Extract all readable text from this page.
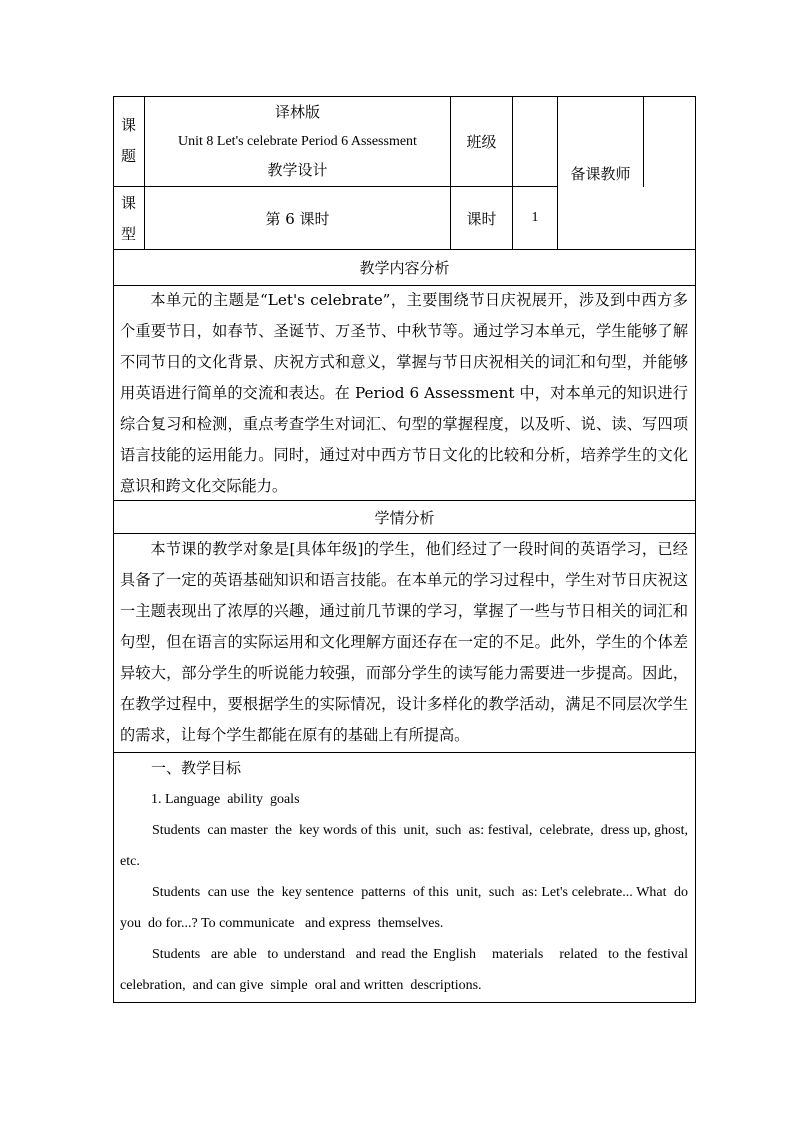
课
题
译林版
Unit 8 Let's celebrate Period 6 Assessment
教学设计
班级
备课教师
课
型
第 6 课时	课时	1
教学内容分析

本单元的主题是“Let's celebrate”，主要围绕节日庆祝展开，涉及到中西方多个重要节日，如春节、圣诞节、万圣节、中秋节等。通过学习本单元，学生能够了解不同节日的文化背景、庆祝方式和意义，掌握与节日庆祝相关的词汇和句型，并能够用英语进行简单的交流和表达。在 Period 6 Assessment 中，对本单元的知识进行综合复习和检测，重点考查学生对词汇、句型的掌握程度，以及听、说、读、写四项语言技能的运用能力。同时，通过对中西方节日文化的比较和分析，培养学生的文化意识和跨文化交际能力。

学情分析

本节课的教学对象是[具体年级]的学生，他们经过了一段时间的英语学习，已经具备了一定的英语基础知识和语言技能。在本单元的学习过程中，学生对节日庆祝这一主题表现出了浓厚的兴趣，通过前几节课的学习，掌握了一些与节日相关的词汇和句型，但在语言的实际运用和文化理解方面还存在一定的不足。此外，学生的个体差异较大，部分学生的听说能力较强，而部分学生的读写能力需要进一步提高。因此，在教学过程中，要根据学生的实际情况，设计多样化的教学活动，满足不同层次学生的需求，让每个学生都能在原有的基础上有所提高。

一、教学目标
1. Language  ability  goals

Students  can master  the  key words of this  unit,  such  as: festival,  celebrate,  dress up, ghost,  etc.

Students  can use  the  key sentence  patterns  of this  unit,  such  as: Let's celebrate... What  do you  do for...? To communicate   and express  themselves.

Students  are able  to understand  and read the English   materials   related  to the festival celebration,  and can give  simple  oral and written  descriptions.
